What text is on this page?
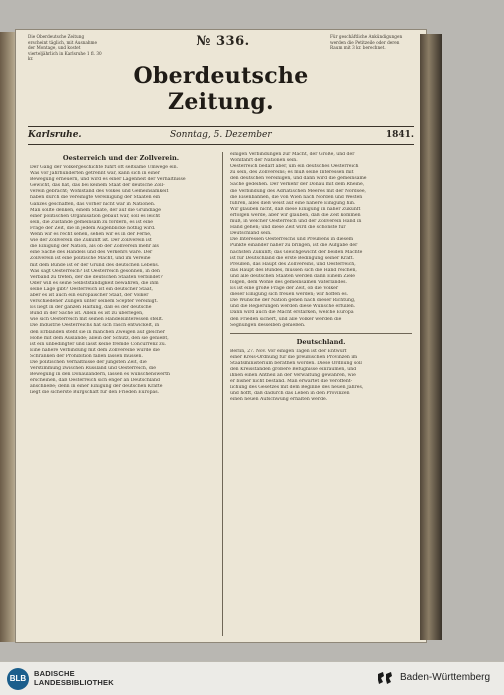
Die Oberdeutsche Zeitung erscheint täglich, mit Ausnahme der Montage, und kostet vierteljährlich in Karlsruhe 1 fl. 30 kr.
№ 336.	Für geschäftliche Ankündigungen werden die Petitzeile oder deren Raum mit 3 kr. berechnet.
Oberdeutsche Zeitung.
Karlsruhe.	Sonntag, 5. Dezember	1841.
Oesterreich und der Zollverein.
Der Gang der Völkergeschichte führt oft seltsame Umwege ein.
Was vor Jahrhunderten getrennt war, kann sich in einer
Bewegung erneuern, und wird es einer Lagenheit der Verhältnisse
Gewicht, das hat, das bei keinem Staat der deutsche Zoll-
verein gebracht; Wohlstand des Volkes und Gemeinsamkeit
haben durch die vereinigte Vereinigung der Staaten ein
Ganzes geschaffen, das vorher nicht war in Nationen.
Man sollte denken, einem Staate, der auf die Grundlage
einer politischen Organisation gebaut war, soll es leicht
sein, die Zustände gemeinsam zu fördern, es ist eine
Frage der Zeit, die in jedem Augenblicke nöthig wird.
Wenn wir es recht sehen, sehen wir es in der Ferne,
wie der Zollverein die Zukunft ist. Der Zollverein ist
die Einigung der Nation, als ob der Zollverein mehr als
eine Sache des Handels und des Verkehrs wäre. Der
Zollverein ist eine politische Macht, und im Vereine
mit dem Bunde ist er der Grund des deutschen Lebens.
Was sagt Oesterreich? Ist Oesterreich gesonnen, in den
Verband zu treten, der die deutschen Staaten verbindet?
Oder will es seine Selbstständigkeit bewahren, die ihm
seine Lage gibt? Oesterreich ist ein deutscher Staat,
aber es ist auch ein europäischer Staat, der Völker
verschiedener Zungen unter seinem Scepter vereinigt.
Es liegt in der ganzen Haltung, daß es der deutsche
Bund in der Sache ist. Allein es ist zu überlegen,
wie sich Oesterreich mit seinen Handelsinteressen stellt.
Die Industrie Oesterreichs hat sich rasch entwickelt, in
den Erblanden steht sie in manchen Zweigen auf gleicher
Höhe mit dem Auslande; allein der Schutz, den sie genießt,
ist ein unbedingter und lässt keine fremde Concurrenz zu.
Eine nähere Verbindung mit dem Zollvereine würde die
Schranken der Prohibition fallen lassen müssen.
Die politischen Verhältnisse der jüngsten Zeit, die
Verstimmung zwischen Russland und Oesterreich, die
Bewegung in den Donauländern, lassen es wünschenswerth
erscheinen, daß Oesterreich sich enger an Deutschland
anschließe; denn in einer Einigung der deutschen Kräfte
liegt die sicherste Bürgschaft für den Frieden Europas.
einigen Verbindungen zur Macht, der Größe, und der
Wohlfahrt der Nationen sein.
Oesterreich bedarf aber, um ein deutsches Oesterreich
zu sein, des Zollvereins; es muß seine Interessen mit
den deutschen vereinigen, und dann wird die gemeinsame
Sache gedeihen. Der Verkehr der Donau mit dem Rheine,
die Verbindung des Adriatischen Meeres mit der Nordsee,
die Eisenbahnen, die von Wien nach Norden und Westen
führen, alles dieß weist auf eine nähere Einigung hin.
Wir glauben nicht, daß diese Einigung in naher Zukunft
erfolgen werde, aber wir glauben, daß die Zeit kommen
muß, in welcher Oesterreich und der Zollverein Hand in
Hand gehen; und diese Zeit wird die schönste für
Deutschland sein.
Die Interessen Oesterreichs und Preußens in diesem
Punkte einander näher zu bringen, ist die Aufgabe der
nächsten Zukunft; das Gleichgewicht der beiden Mächte
ist für Deutschland die erste Bedingung seiner Kraft.
Preußen, das Haupt des Zollvereins, und Oesterreich,
das Haupt des Bundes, müssen sich die Hand reichen,
und alle deutschen Staaten werden dann Einem Ziele
folgen, dem Wohle des gemeinsamen Vaterlandes.
Es ist eine große Frage der Zeit, ob die Völker
dieser Einigung sich freuen werden; wir hoffen es.
Die Wünsche der Nation gehen nach dieser Richtung,
und die Regierungen werden diese Wünsche erfüllen.
Dann wird auch die Macht erstarken, welche Europa
den Frieden sichert, und alle Völker werden die
Segnungen desselben genießen.
Deutschland.
Berlin, 27. Nov. Vor einigen Tagen ist der Entwurf
einer Kreis-Ordnung für die preußischen Provinzen im
Staatsministerium berathen worden. Diese Ordnung soll
den Kreisständen größere Befugnisse einräumen, und
ihnen einen Antheil an der Verwaltung gewähren, wie
er bisher nicht bestand. Man erwartet die Veröffent-
lichung des Gesetzes mit dem Beginne des neuen Jahres,
und hofft, daß dadurch das Leben in den Provinzen
einen neuen Aufschwung erhalten werde.
BLB
BADISCHE
LANDESBIBLIOTHEK	Baden-Württemberg
